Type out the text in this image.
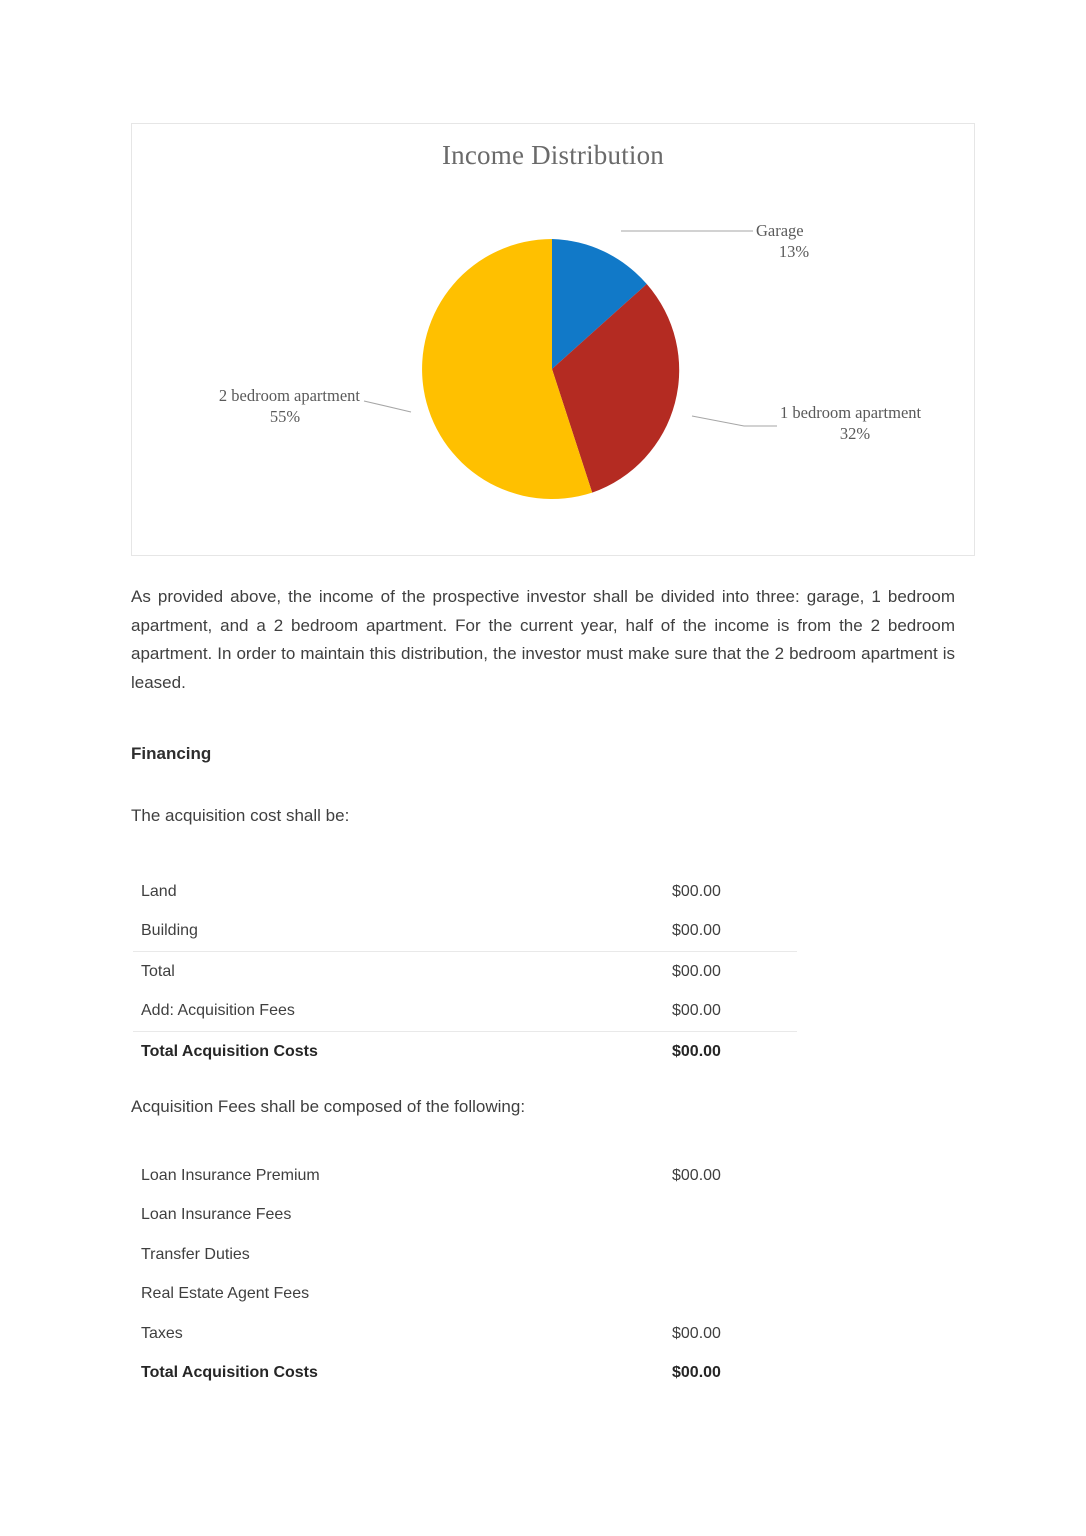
Income Distribution
Garage
13%
1 bedroom apartment
32%
2 bedroom apartment
55%

As provided above, the income of the prospective investor shall be divided into three: garage, 1 bedroom apartment, and a 2 bedroom apartment. For the current year, half of the income is from the 2 bedroom apartment. In order to maintain this distribution, the investor must make sure that the 2 bedroom apartment is leased.

Financing
The acquisition cost shall be:
Land	$00.00
Building	$00.00
Total	$00.00
Add: Acquisition Fees	$00.00
Total Acquisition Costs	$00.00
Acquisition Fees shall be composed of the following:
Loan Insurance Premium	$00.00
Loan Insurance Fees	
Transfer Duties	
Real Estate Agent Fees	
Taxes	$00.00
Total Acquisition Costs	$00.00
